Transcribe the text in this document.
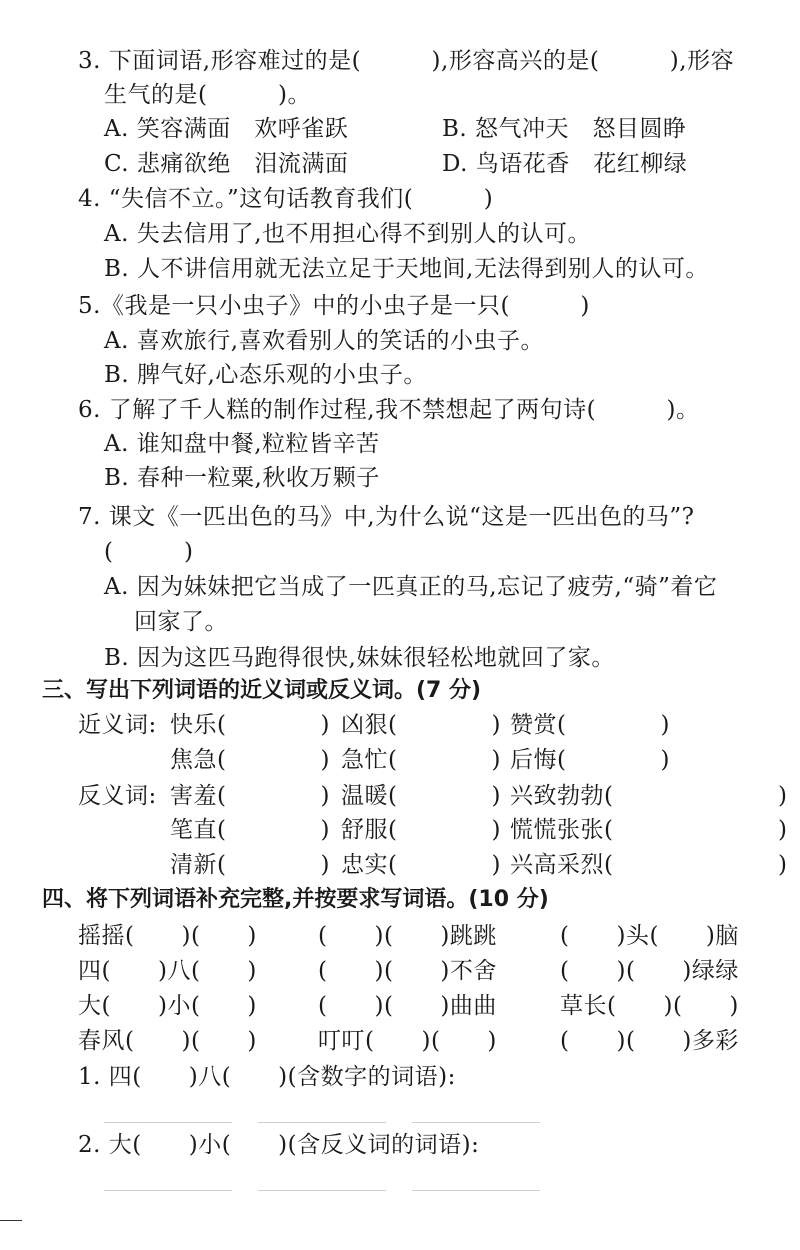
3. 下面词语,形容难过的是(　　　),形容高兴的是(　　　),形容
生气的是(　　　)。
A. 笑容满面　欢呼雀跃	B. 怒气冲天　怒目圆睁
C. 悲痛欲绝　泪流满面	D. 鸟语花香　花红柳绿
4. “失信不立。”这句话教育我们(　　　)
A. 失去信用了,也不用担心得不到别人的认可。
B. 人不讲信用就无法立足于天地间,无法得到别人的认可。
5.《我是一只小虫子》中的小虫子是一只(　　　)
A. 喜欢旅行,喜欢看别人的笑话的小虫子。
B. 脾气好,心态乐观的小虫子。
6. 了解了千人糕的制作过程,我不禁想起了两句诗(　　　)。
A. 谁知盘中餐,粒粒皆辛苦
B. 春种一粒粟,秋收万颗子
7. 课文《一匹出色的马》中,为什么说“这是一匹出色的马”?
(　　　)
A. 因为妹妹把它当成了一匹真正的马,忘记了疲劳,“骑”着它
回家了。
B. 因为这匹马跑得很快,妹妹很轻松地就回了家。
三、写出下列词语的近义词或反义词。(7 分)
近义词: 快乐(　　　　) 凶狠(　　　　) 赞赏(　　　　)
焦急(　　　　) 急忙(　　　　) 后悔(　　　　)
反义词: 害羞(　　　　) 温暖(　　　　) 兴致勃勃(　　　　　　　)
笔直(　　　　) 舒服(　　　　) 慌慌张张(　　　　　　　)
清新(　　　　) 忠实(　　　　) 兴高采烈(　　　　　　　)
四、将下列词语补充完整,并按要求写词语。(10 分)
摇摇(　　)(　　)	(　　)(　　)跳跳	(　　)头(　　)脑
四(　　)八(　　)	(　　)(　　)不舍	(　　)(　　)绿绿
大(　　)小(　　)	(　　)(　　)曲曲	草长(　　)(　　)
春风(　　)(　　)	叮叮(　　)(　　)	(　　)(　　)多彩
1. 四(　　)八(　　)(含数字的词语):
2. 大(　　)小(　　)(含反义词的词语):
